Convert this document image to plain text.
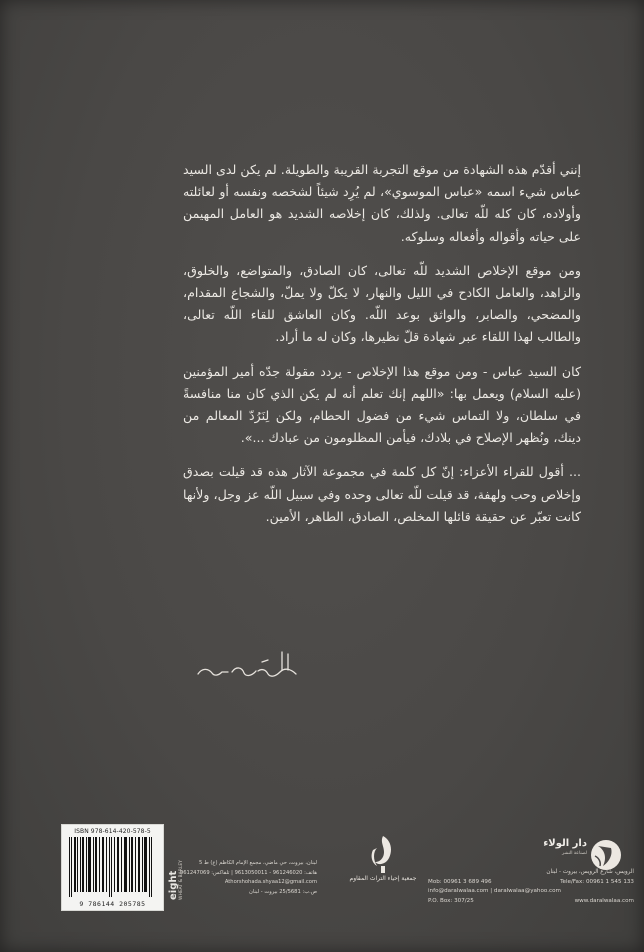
إنني أقدّم هذه الشهادة من موقع التجربة القريبة والطويلة. لم يكن لدى السيد عباس شيء اسمه «عباس الموسوي»، لم يُرِد شيئاً لشخصه ونفسه أو لعائلته وأولاده، كان كله للّه تعالى. ولذلك، كان إخلاصه الشديد هو العامل المهيمن على حياته وأقواله وأفعاله وسلوكه.

ومن موقع الإخلاص الشديد للّه تعالى، كان الصادق، والمتواضع، والخلوق، والزاهد، والعامل الكادح في الليل والنهار، لا يكلّ ولا يملّ، والشجاع المقدام، والمضحي، والصابر، والواثق بوعد اللّه. وكان العاشق للقاء اللّه تعالى، والطالب لهذا اللقاء عبر شهادة قلّ نظيرها، وكان له ما أراد.

كان السيد عباس - ومن موقع هذا الإخلاص - يردد مقولة جدّه أمير المؤمنين (عليه السلام) ويعمل بها: «اللهم إنك تعلم أنه لم يكن الذي كان منا منافسةً في سلطان، ولا التماس شيء من فضول الحطام، ولكن لِنَرُدّ المعالم من دينك، ونُظهر الإصلاح في بلادك، فيأمن المظلومون من عبادك ...».

... أقول للقراء الأعزاء: إنّ كل كلمة في مجموعة الآثار هذه قد قيلت بصدق وإخلاص وحب ولهفة، قد قيلت للّه تعالى وحده وفي سبيل اللّه عز وجل، ولأنها كانت تعبّر عن حقيقة قائلها المخلص، الصادق، الطاهر، الأمين.

ISBN 978-614-420-578-5
9 786144 205785
eight WHEAT & BARLEY	لبنان، بيروت، حي ماضي، مجمع الإمام الكاظم (ع) ط 5
هاتف: 961246020 - 9613050011 | تلفاكس: 961247069
Athorshohada.shyaa12@gmail.com
ص.ب: 25/5681 بيروت - لبنان
جمعية إحياء التراث المقاوم
دار الولاء
لصناعة النشر
الرويس، شارع الرويس، بيروت - لبنان
Mob: 00961 3 689 496	Tele/Fax: 00961 1 545 133
info@daralwalaa.com | daralwalaa@yahoo.com
P.O. Box: 307/25	www.daralwalaa.com
